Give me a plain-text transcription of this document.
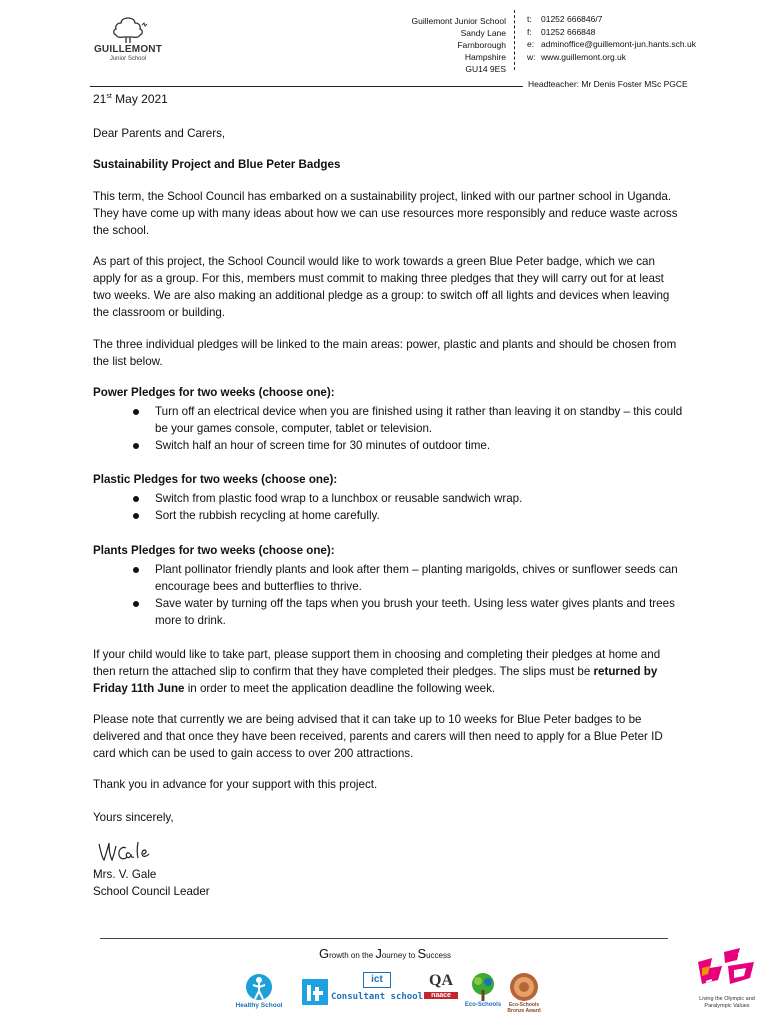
GUILLEMONT
Junior School
Guillemont Junior School
Sandy Lane
Farnborough
Hampshire
GU14 9ES
t: 01252 666846/7
f: 01252 666848
e: adminoffice@guillemont-jun.hants.sch.uk
w: www.guillemont.org.uk
Headteacher: Mr Denis Foster MSc PGCE
21st May 2021
Dear Parents and Carers,
Sustainability Project and Blue Peter Badges
This term, the School Council has embarked on a sustainability project, linked with our partner school in Uganda. They have come up with many ideas about how we can use resources more responsibly and reduce waste across the school.
As part of this project, the School Council would like to work towards a green Blue Peter badge, which we can apply for as a group. For this, members must commit to making three pledges that they will carry out for at least two weeks. We are also making an additional pledge as a group: to switch off all lights and devices when leaving the classroom or building.
The three individual pledges will be linked to the main areas: power, plastic and plants and should be chosen from the list below.
Power Pledges for two weeks (choose one):
Turn off an electrical device when you are finished using it rather than leaving it on standby – this could be your games console, computer, tablet or television.
Switch half an hour of screen time for 30 minutes of outdoor time.
Plastic Pledges for two weeks (choose one):
Switch from plastic food wrap to a lunchbox or reusable sandwich wrap.
Sort the rubbish recycling at home carefully.
Plants Pledges for two weeks (choose one):
Plant pollinator friendly plants and look after them – planting marigolds, chives or sunflower seeds can encourage bees and butterflies to thrive.
Save water by turning off the taps when you brush your teeth. Using less water gives plants and trees more to drink.
If your child would like to take part, please support them in choosing and completing their pledges at home and then return the attached slip to confirm that they have completed their pledges. The slips must be returned by Friday 11th June in order to meet the application deadline the following week.
Please note that currently we are being advised that it can take up to 10 weeks for Blue Peter badges to be delivered and that once they have been received, parents and carers will then need to apply for a Blue Peter ID card which can be used to gain access to over 200 attractions.
Thank you in advance for your support with this project.
Yours sincerely,
Mrs. V. Gale
School Council Leader
Growth on the Journey to Success
Healthy School
ict
Consultant school
QA
naace
Eco-Schools	Eco-Schools Bronze Award
Living the Olympic and Paralympic Values
